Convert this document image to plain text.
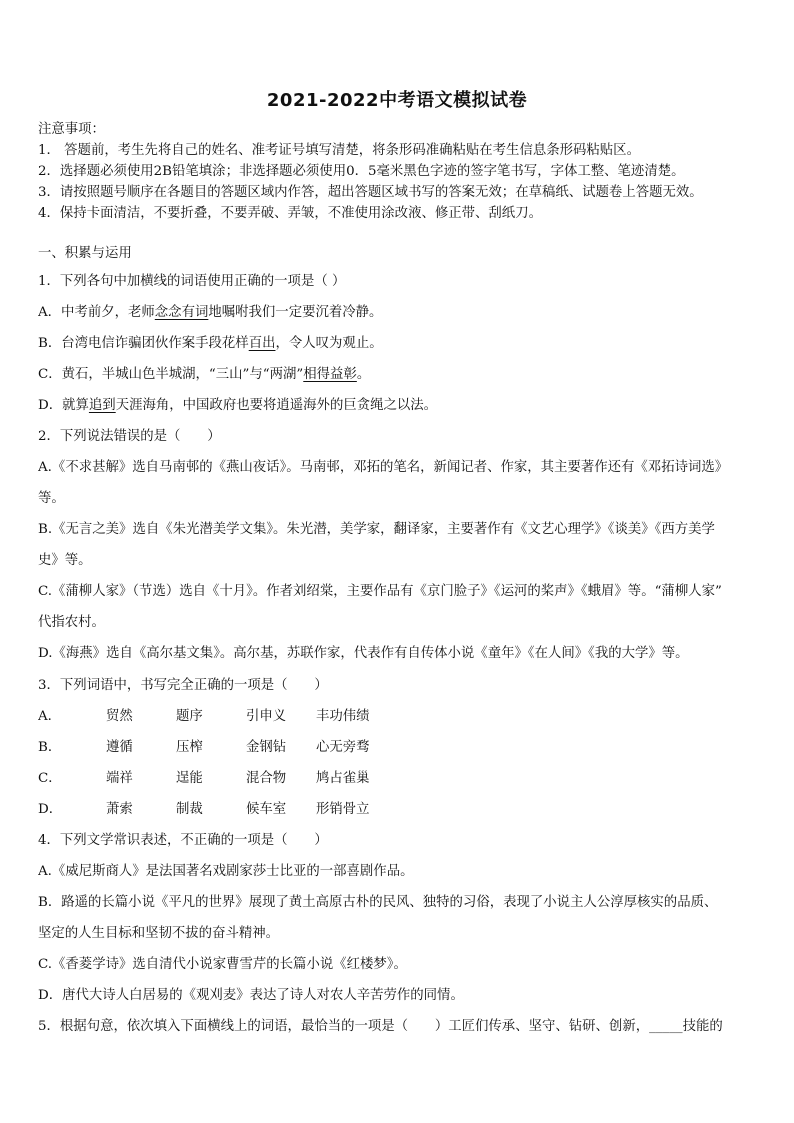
2021-2022中考语文模拟试卷
注意事项：
1． 答题前，考生先将自己的姓名、准考证号填写清楚，将条形码准确粘贴在考生信息条形码粘贴区。
2．选择题必须使用2B铅笔填涂；非选择题必须使用0．5毫米黑色字迹的签字笔书写，字体工整、笔迹清楚。
3．请按照题号顺序在各题目的答题区域内作答，超出答题区域书写的答案无效；在草稿纸、试题卷上答题无效。
4．保持卡面清洁，不要折叠，不要弄破、弄皱，不准使用涂改液、修正带、刮纸刀。
一、积累与运用
1．下列各句中加横线的词语使用正确的一项是（ ）
A．中考前夕，老师念念有词地嘱咐我们一定要沉着冷静。
B．台湾电信诈骗团伙作案手段花样百出，令人叹为观止。
C．黄石，半城山色半城湖，“三山”与“两湖”相得益彰。
D．就算追到天涯海角，中国政府也要将逍遥海外的巨贪绳之以法。
2．下列说法错误的是（　　）
A.《不求甚解》选自马南邨的《燕山夜话》。马南邨，邓拓的笔名，新闻记者、作家，其主要著作还有《邓拓诗词选》
等。
B.《无言之美》选自《朱光潜美学文集》。朱光潜，美学家，翻译家，主要著作有《文艺心理学》《谈美》《西方美学
史》等。
C.《蒲柳人家》（节选）选自《十月》。作者刘绍棠，主要作品有《京门脸子》《运河的桨声》《蛾眉》等。“蒲柳人家”
代指农村。
D.《海燕》选自《高尔基文集》。高尔基，苏联作家，代表作有自传体小说《童年》《在人间》《我的大学》等。
3．下列词语中，书写完全正确的一项是（　　）
A．	贸然	题序	引申义 丰功伟绩
B．	遵循	压榨	金钢钻 心无旁骛
C．	端祥	逞能	混合物 鸠占雀巢
D．	萧索	制裁	候车室 形销骨立
4．下列文学常识表述，不正确的一项是（　　）
A.《威尼斯商人》是法国著名戏剧家莎士比亚的一部喜剧作品。
B．路遥的长篇小说《平凡的世界》展现了黄土高原古朴的民风、独特的习俗，表现了小说主人公淳厚核实的品质、
坚定的人生目标和坚韧不拔的奋斗精神。
C.《香菱学诗》选自清代小说家曹雪芹的长篇小说《红楼梦》。
D．唐代大诗人白居易的《观刈麦》表达了诗人对农人辛苦劳作的同情。
5．根据句意，依次填入下面横线上的词语，最恰当的一项是（　　）工匠们传承、坚守、钻研、创新，_____技能的
